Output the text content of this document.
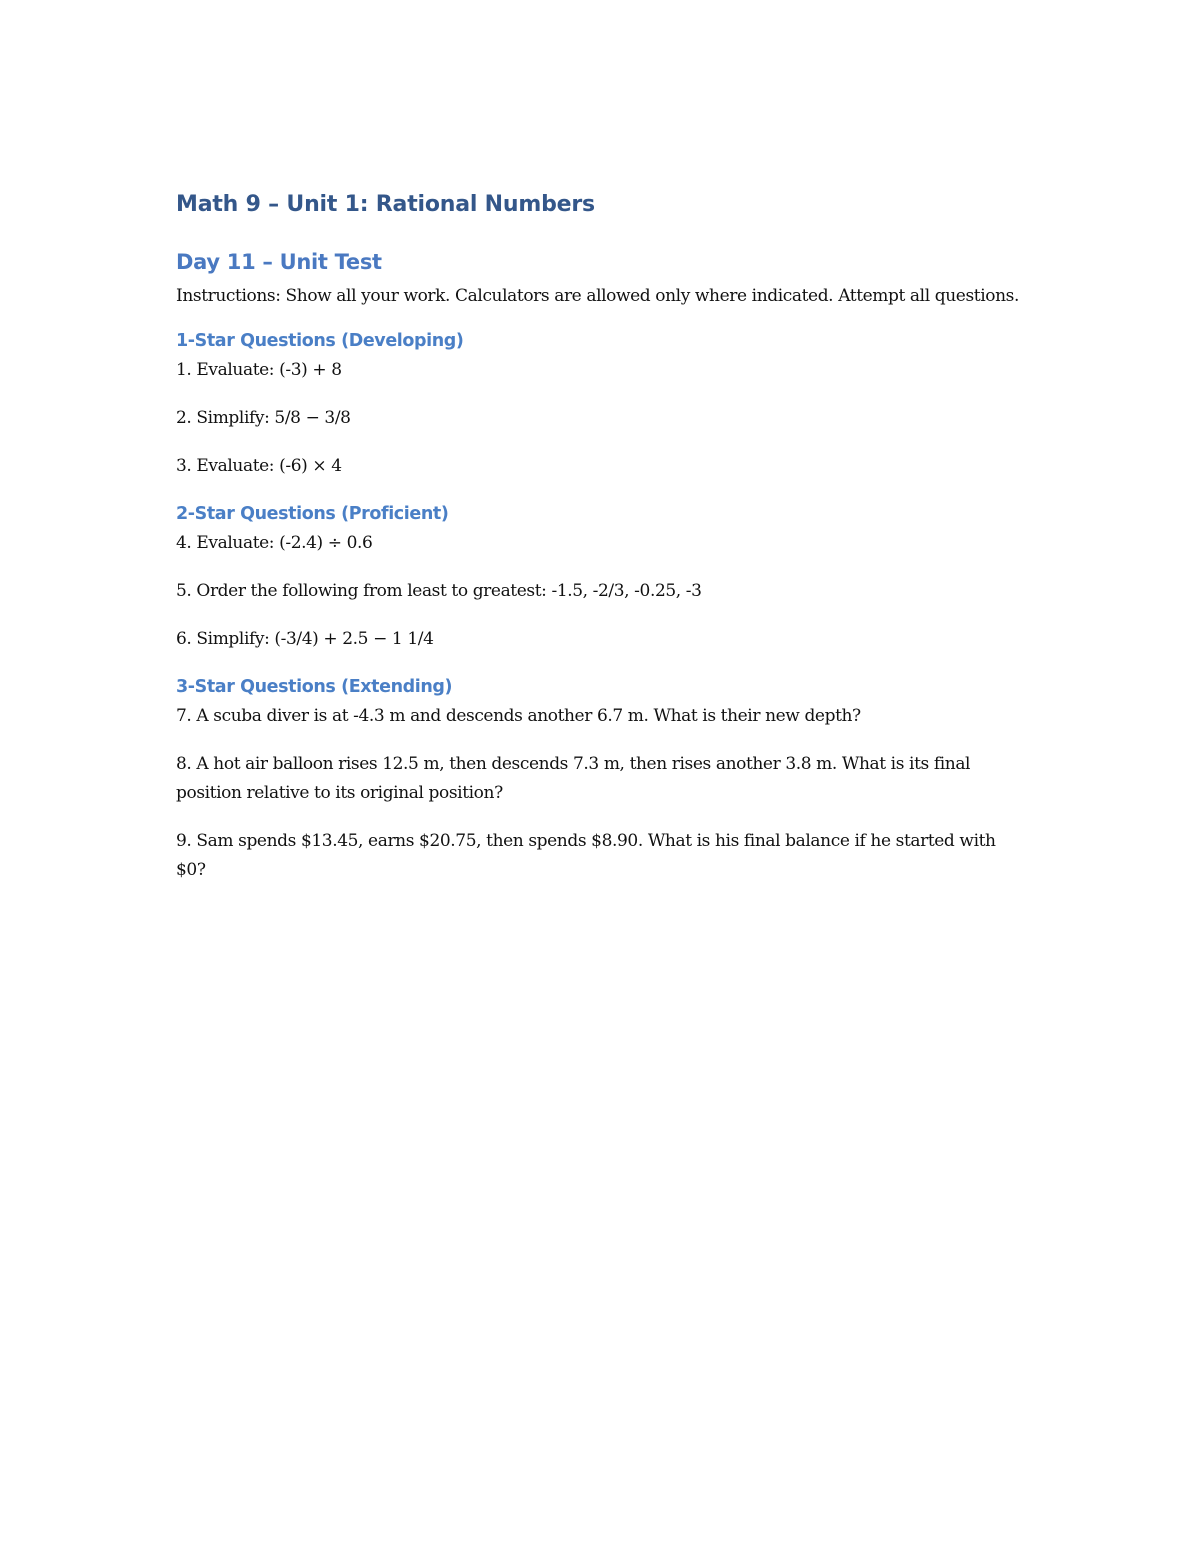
Math 9 – Unit 1: Rational Numbers
Day 11 – Unit Test

Instructions: Show all your work. Calculators are allowed only where indicated. Attempt all questions.

1-Star Questions (Developing)

1. Evaluate: (-3) + 8

2. Simplify: 5/8 − 3/8

3. Evaluate: (-6) × 4

2-Star Questions (Proficient)

4. Evaluate: (-2.4) ÷ 0.6

5. Order the following from least to greatest: -1.5, -2/3, -0.25, -3

6. Simplify: (-3/4) + 2.5 − 1 1/4

3-Star Questions (Extending)

7. A scuba diver is at -4.3 m and descends another 6.7 m. What is their new depth?

8. A hot air balloon rises 12.5 m, then descends 7.3 m, then rises another 3.8 m. What is its final position relative to its original position?

9. Sam spends $13.45, earns $20.75, then spends $8.90. What is his final balance if he started with $0?
